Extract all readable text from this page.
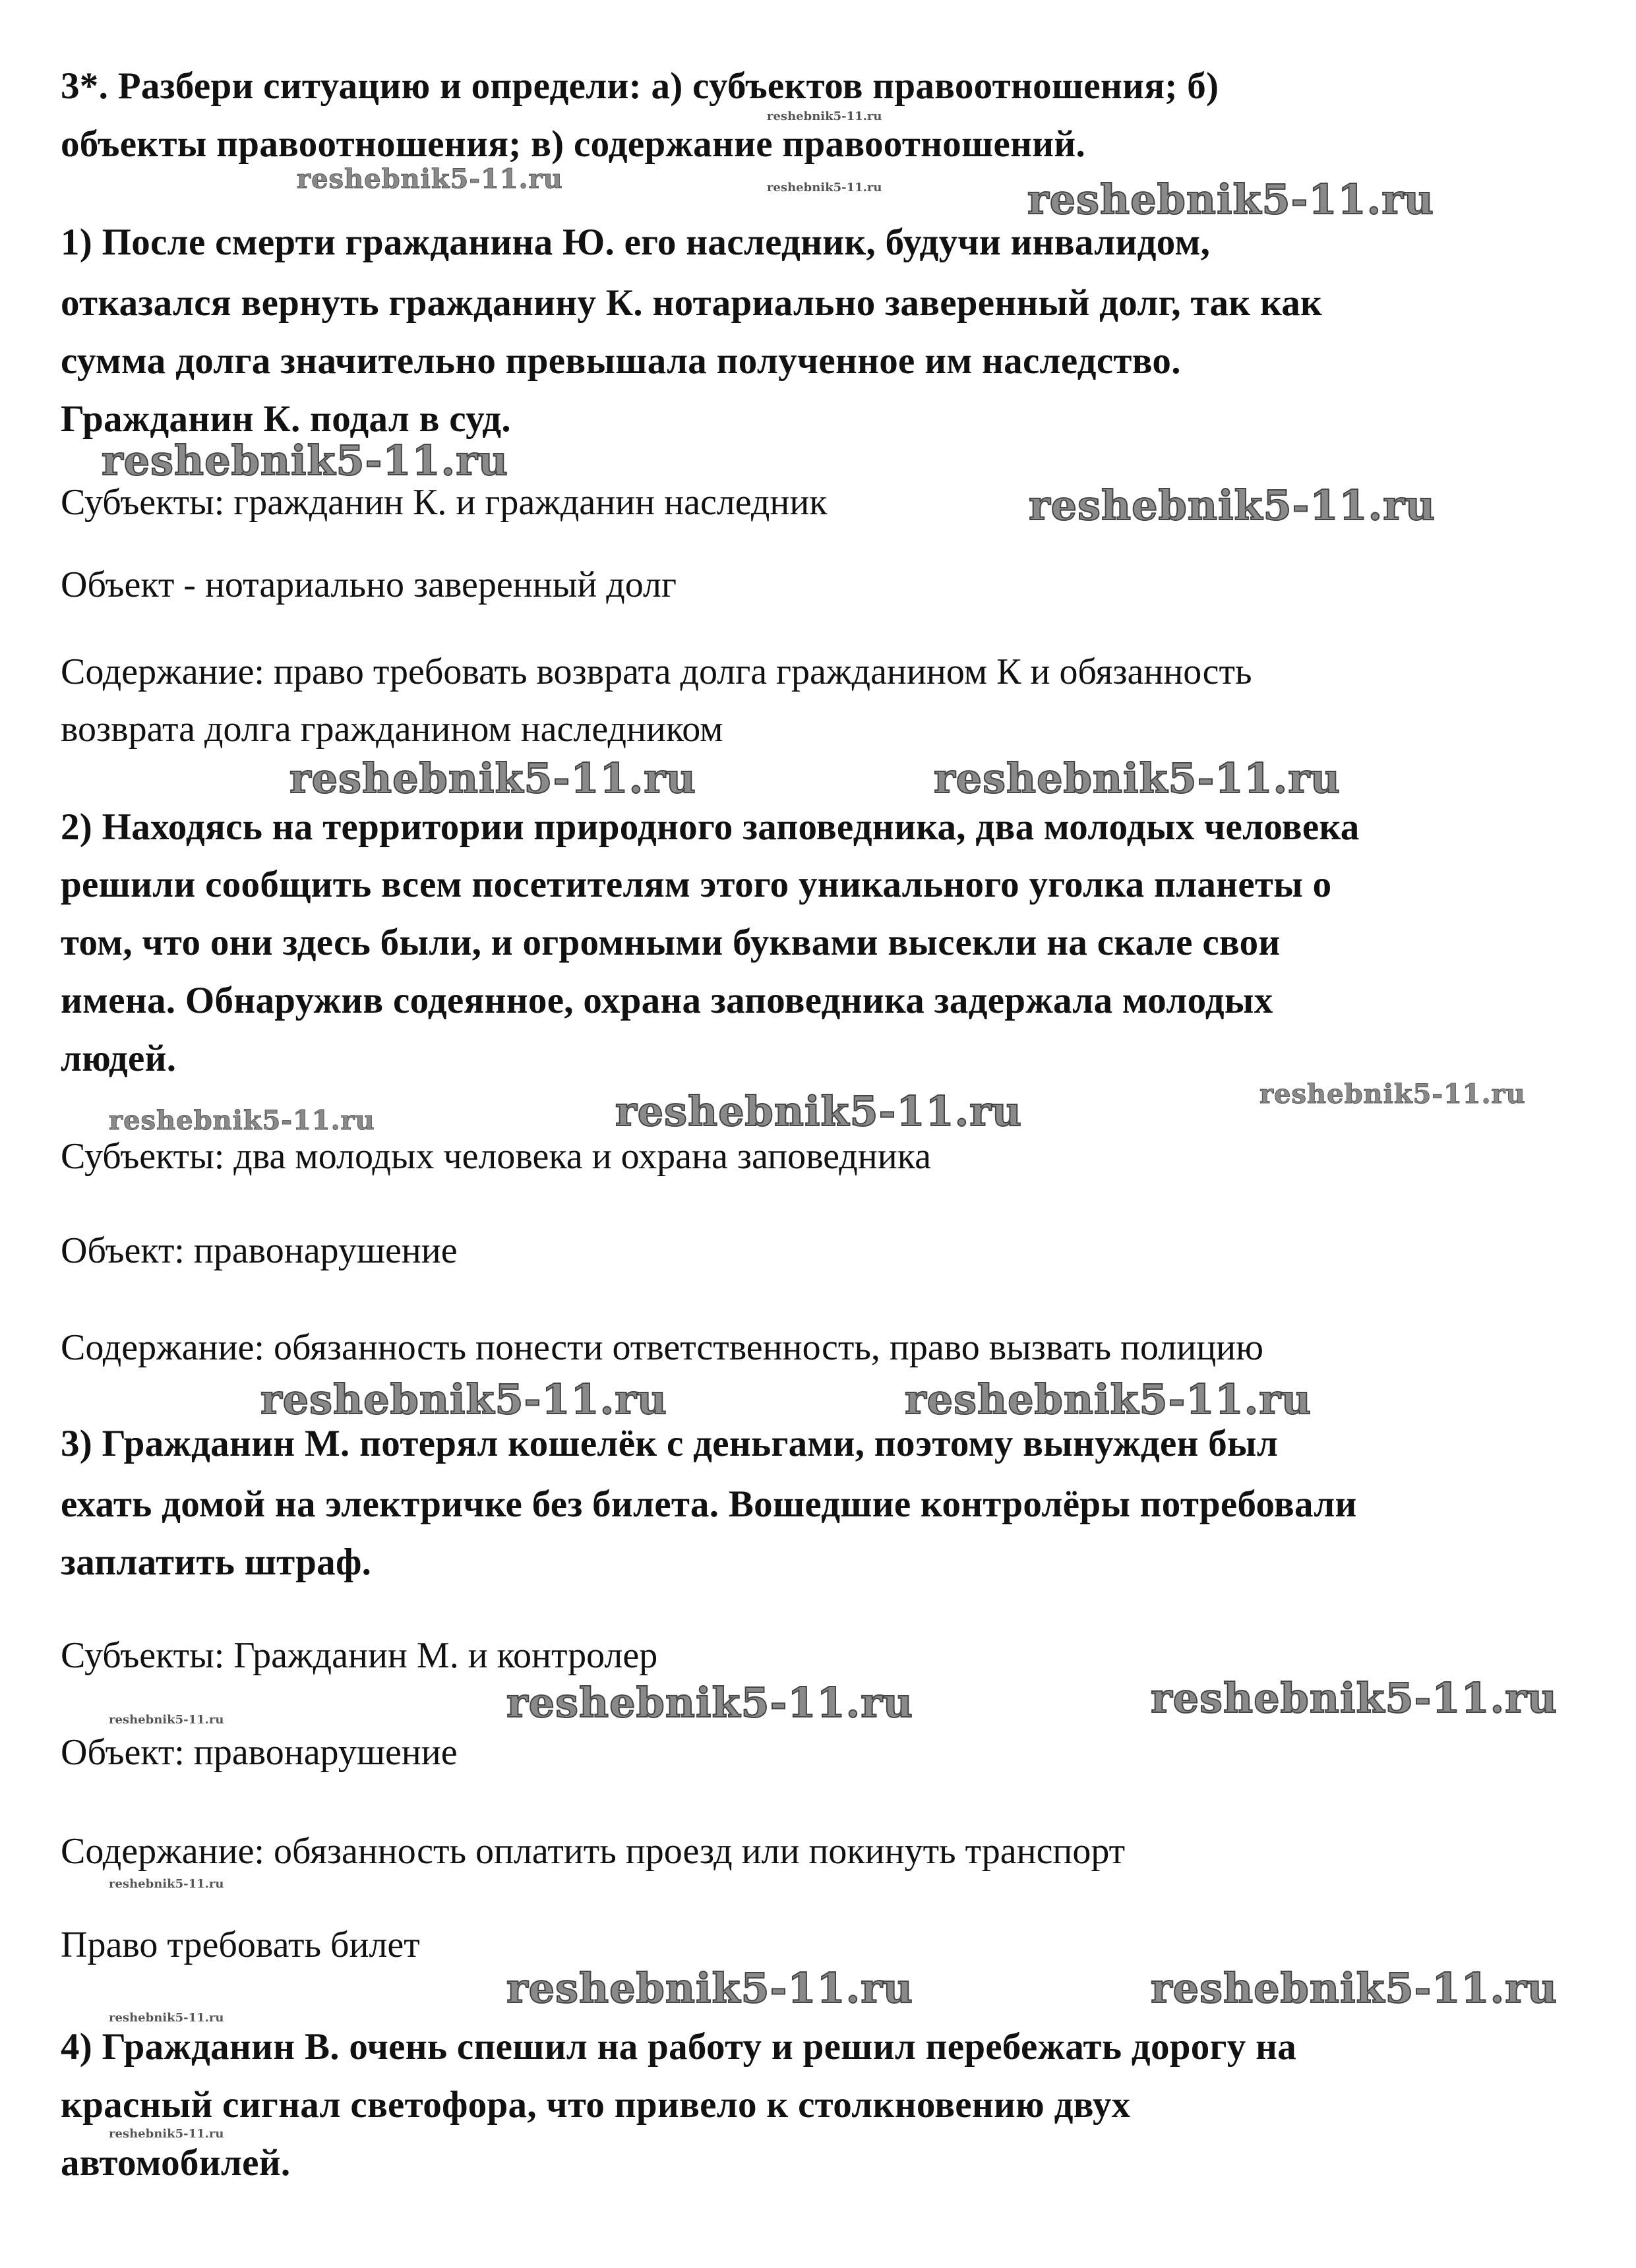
reshebnik5-11.ru
reshebnik5-11.ru
reshebnik5-11.ru	reshebnik5-11.ru
reshebnik5-11.ru
reshebnik5-11.ru
reshebnik5-11.ru	reshebnik5-11.ru
reshebnik5-11.ru
reshebnik5-11.ru	reshebnik5-11.ru
reshebnik5-11.ru	reshebnik5-11.ru
reshebnik5-11.ru
reshebnik5-11.ru
reshebnik5-11.ru
reshebnik5-11.ru
reshebnik5-11.ru
reshebnik5-11.ru
reshebnik5-11.ru
reshebnik5-11.ru
3*. Разбери ситуацию и определи: а) субъектов правоотношения; б)
объекты правоотношения; в) содержание правоотношений.
1) После смерти гражданина Ю. его наследник, будучи инвалидом,
отказался вернуть гражданину К. нотариально заверенный долг, так как
сумма долга значительно превышала полученное им наследство.
Гражданин К. подал в суд.
Субъекты: гражданин К. и гражданин наследник
Объект - нотариально заверенный долг
Содержание: право требовать возврата долга гражданином К и обязанность
возврата долга гражданином наследником
2) Находясь на территории природного заповедника, два молодых человека
решили сообщить всем посетителям этого уникального уголка планеты о
том, что они здесь были, и огромными буквами высекли на скале свои
имена. Обнаружив содеянное, охрана заповедника задержала молодых
людей.
Субъекты: два молодых человека и охрана заповедника
Объект: правонарушение
Содержание: обязанность понести ответственность, право вызвать полицию
3) Гражданин М. потерял кошелёк с деньгами, поэтому вынужден был
ехать домой на электричке без билета. Вошедшие контролёры потребовали
заплатить штраф.
Субъекты: Гражданин М. и контролер
Объект: правонарушение
Содержание: обязанность оплатить проезд или покинуть транспорт
Право требовать билет
4) Гражданин В. очень спешил на работу и решил перебежать дорогу на
красный сигнал светофора, что привело к столкновению двух
автомобилей.
